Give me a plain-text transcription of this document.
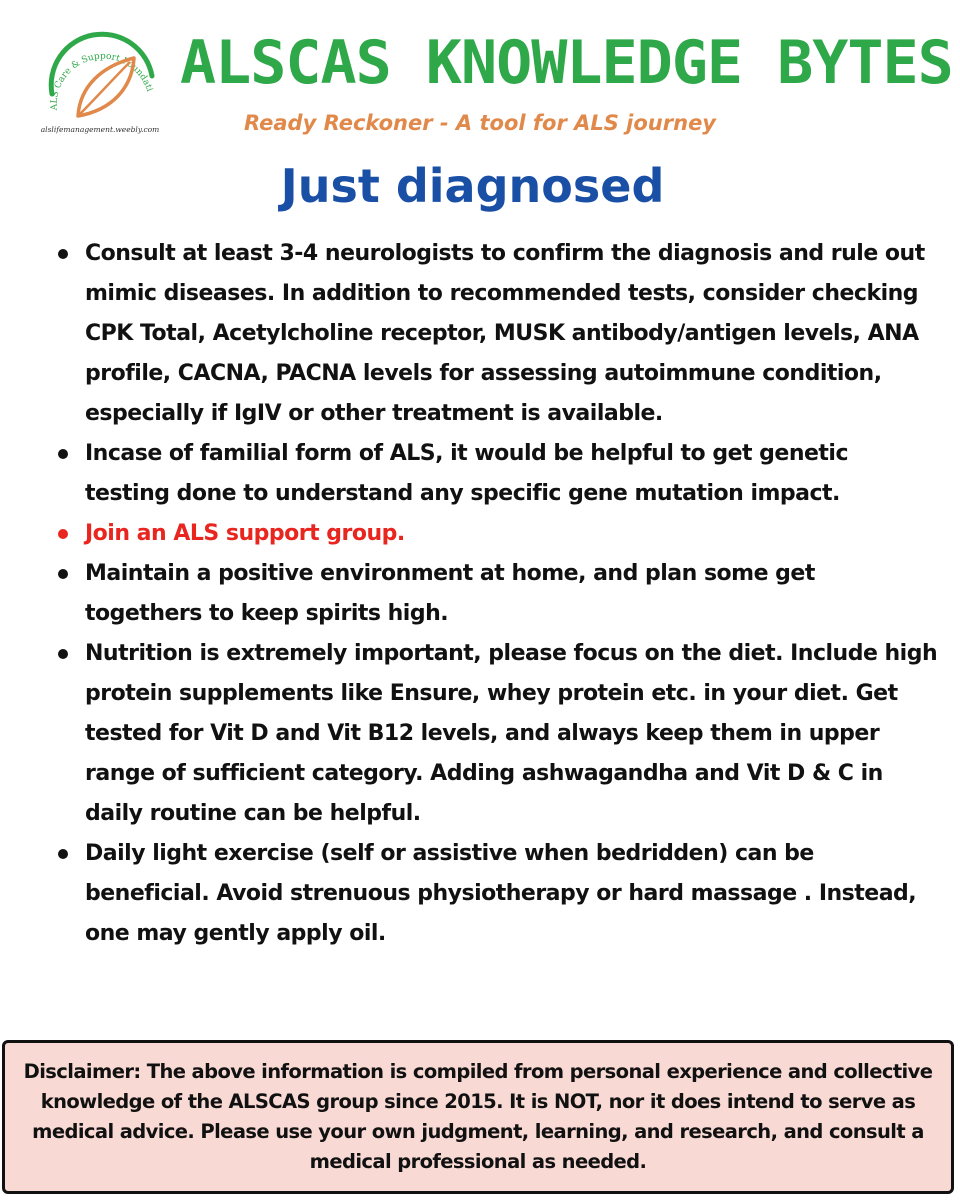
ALS Care & Support Foundati
alslifemanagement.weebly.com
ALSCAS KNOWLEDGE BYTES
Ready Reckoner - A tool for ALS journey
Just diagnosed
Consult at least 3-4 neurologists to confirm the diagnosis and rule out mimic diseases. In addition to recommended tests, consider checking CPK Total, Acetylcholine receptor, MUSK antibody/antigen levels, ANA profile, CACNA, PACNA levels for assessing autoimmune condition, especially if IgIV or other treatment is available.
Incase of familial form of ALS, it would be helpful to get genetic testing done to understand any specific gene mutation impact.
Join an ALS support group.
Maintain a positive environment at home, and plan some get togethers to keep spirits high.
Nutrition is extremely important, please focus on the diet. Include high protein supplements like Ensure, whey protein etc. in your diet. Get tested for Vit D and Vit B12 levels, and always keep them in upper range of sufficient category. Adding ashwagandha and Vit D & C in daily routine can be helpful.
Daily light exercise (self or assistive when bedridden) can be beneficial. Avoid strenuous physiotherapy or hard massage . Instead, one may gently apply oil.
Disclaimer: The above information is compiled from personal experience and collective knowledge of the ALSCAS group since 2015. It is NOT, nor it does intend to serve as medical advice. Please use your own judgment, learning, and research, and consult a medical professional as needed.
